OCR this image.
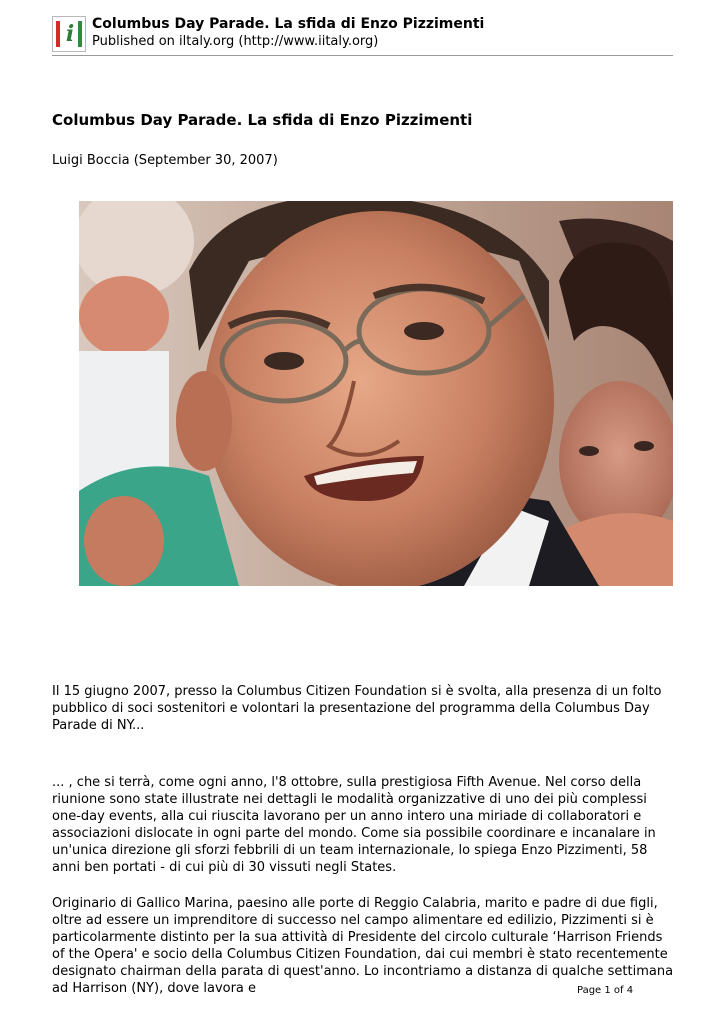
i	Columbus Day Parade. La sfida di Enzo Pizzimenti
Published on iltaly.org (http://www.iitaly.org)
Columbus Day Parade. La sfida di Enzo Pizzimenti
Luigi Boccia (September 30, 2007)

Il 15 giugno 2007, presso la Columbus Citizen Foundation si è svolta, alla presenza di un folto pubblico di soci sostenitori e volontari la presentazione del programma della Columbus Day Parade di NY...

... , che si terrà, come ogni anno, l'8 ottobre, sulla prestigiosa Fifth Avenue. Nel corso della riunione sono state illustrate nei dettagli le modalità organizzative di uno dei più complessi one-day events, alla cui riuscita lavorano per un anno intero una miriade di collaboratori e associazioni dislocate in ogni parte del mondo. Come sia possibile coordinare e incanalare in un'unica direzione gli sforzi febbrili di un team internazionale, lo spiega Enzo Pizzimenti, 58 anni ben portati - di cui più di 30 vissuti negli States.

Originario di Gallico Marina, paesino alle porte di Reggio Calabria, marito e padre di due figli, oltre ad essere un imprenditore di successo nel campo alimentare ed edilizio, Pizzimenti si è particolarmente distinto per la sua attività di Presidente del circolo culturale ‘Harrison Friends of the Opera' e socio della Columbus Citizen Foundation, dai cui membri è stato recentemente designato chairman della parata di quest'anno. Lo incontriamo a distanza di qualche settimana ad Harrison (NY), dove lavora e	Page 1 of 4
